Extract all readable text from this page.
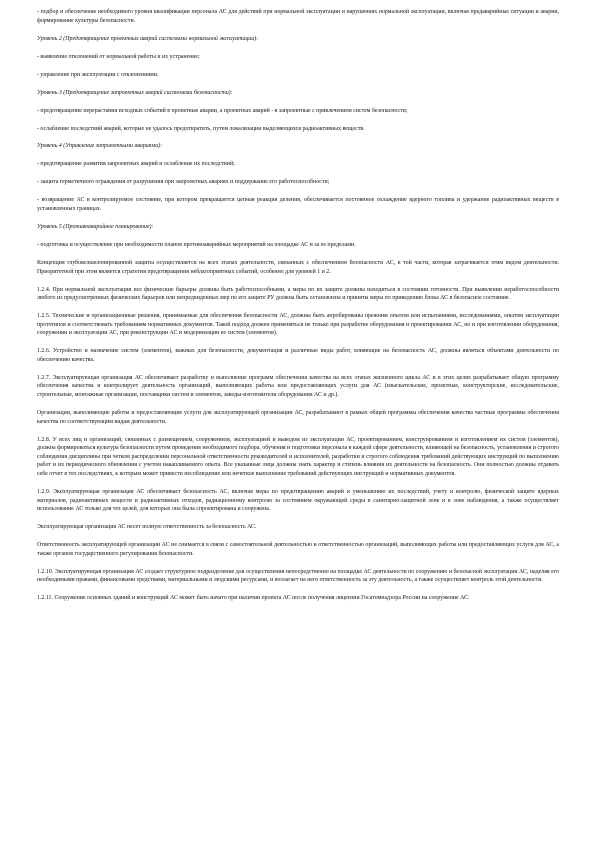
- подбор и обеспечение необходимого уровня квалификации персонала АС для действий при нормальной эксплуатации и нарушениях нормальной эксплуатации, включая предаварийные ситуации и аварии, формирование культуры безопасности.

Уровень 2 (Предотвращение проектных аварий системами нормальной эксплуатации):

- выявление отклонений от нормальной работы и их устранение;

- управление при эксплуатации с отклонениями.

Уровень 3 (Предотвращение запроектных аварий системами безопасности):

- предотвращение перерастания исходных событий в проектные аварии, а проектных аварий - в запроектные с привлечением систем безопасности;

- ослабление последствий аварий, которые не удалось предотвратить, путем локализации выделяющихся радиоактивных веществ.

Уровень 4 (Управление запроектными авариями):

- предотвращение развития запроектных аварий и ослабление их последствий;

- защита герметичного ограждения от разрушения при запроектных авариях и поддержание его работоспособности;

- возвращение АС в контролируемое состояние, при котором прекращается цепная реакция деления, обеспечивается постоянное охлаждение ядерного топлива и удержание радиоактивных веществ в установленных границах.

Уровень 5 (Противоаварийное планирование):

- подготовка и осуществление при необходимости планов противоаварийных мероприятий на площадке АС и за ее пределами.

Концепция глубокоэшелонированной защиты осуществляется на всех этапах деятельности, связанных с обеспечением безопасности АС, в той части, которая затрагивается этим видом деятельности. Приоритетной при этом является стратегия предотвращения неблагоприятных событий, особенно для уровней 1 и 2.

1.2.4. При нормальной эксплуатации все физические барьеры должны быть работоспособными, а меры по их защите должны находиться в состоянии готовности. При выявлении неработоспособности любого из предусмотренных физических барьеров или непредвиденных мер по его защите РУ должна быть остановлена и приняты меры по приведению блока АС в безопасное состояние.

1.2.5. Технические и организационные решения, принимаемые для обеспечения безопасности АС, должны быть апробированы прежним опытом или испытаниями, исследованиями, опытом эксплуатации прототипов и соответствовать требованиям нормативных документов. Такой подход должен применяться не только при разработке оборудования и проектировании АС, но и при изготовлении оборудования, сооружении и эксплуатации АС, при реконструкции АС и модернизации ее систем (элементов).

1.2.6. Устройство и назначение систем (элементов), важных для безопасности, документация и различные виды работ, влияющие на безопасность АС, должны являться объектами деятельности по обеспечению качества.

1.2.7. Эксплуатирующая организация АС обеспечивает разработку и выполнение программ обеспечения качества на всех этапах жизненного цикла АС и в этих целях разрабатывает общую программу обеспечения качества и контролирует деятельность организаций, выполняющих работы или предоставляющих услуги для АС (изыскательские, проектные, конструкторские, исследовательские, строительные, монтажные организации, поставщики систем и элементов, заводы-изготовители оборудования АС и др.).

Организации, выполняющие работы и предоставляющие услуги для эксплуатирующей организации АС, разрабатывают в рамках общей программы обеспечения качества частные программы обеспечения качества по соответствующим видам деятельности.

1.2.8. У всех лиц и организаций, связанных с размещением, сооружением, эксплуатацией и выводом из эксплуатации АС, проектированием, конструированием и изготовлением их систем (элементов), должна формироваться культура безопасности путем проведения необходимого подбора, обучения и подготовки персонала в каждой сфере деятельности, влияющей на безопасность, установления и строгого соблюдения дисциплины при четком распределении персональной ответственности руководителей и исполнителей, разработки и строгого соблюдения требований действующих инструкций по выполнению работ и их периодического обновления с учетом накапливаемого опыта. Все указанные лица должны знать характер и степень влияния их деятельности на безопасность. Они полностью должны отдавать себе отчет в тех последствиях, к которым может привести несоблюдение или нечеткое выполнение требований действующих инструкций и нормативных документов.

1.2.9. Эксплуатирующая организация АС обеспечивает безопасность АС, включая меры по предотвращению аварий и уменьшению их последствий, учету и контролю, физической защите ядерных материалов, радиоактивных веществ и радиоактивных отходов, радиационному контролю за состоянием окружающей среды в санитарно-защитной зоне и в зоне наблюдения, а также осуществляет использование АС только для тех целей, для которых она была спроектирована и сооружена.

Эксплуатирующая организация АС несет полную ответственность за безопасность АС.

Ответственность эксплуатирующей организации АС не снимается в связи с самостоятельной деятельностью и ответственностью организаций, выполняющих работы или предоставляющих услуги для АС, а также органов государственного регулирования безопасности.

1.2.10. Эксплуатирующая организация АС создает структурное подразделение для осуществления непосредственно на площадке АС деятельности по сооружению и безопасной эксплуатации АС, наделяя его необходимыми правами, финансовыми средствами, материальными и людскими ресурсами, и возлагает на него ответственность за эту деятельность, а также осуществляет контроль этой деятельности.

1.2.11. Сооружение основных зданий и конструкций АС может быть начато при наличии проекта АС после получения лицензии Госатомнадзора России на сооружение АС.
